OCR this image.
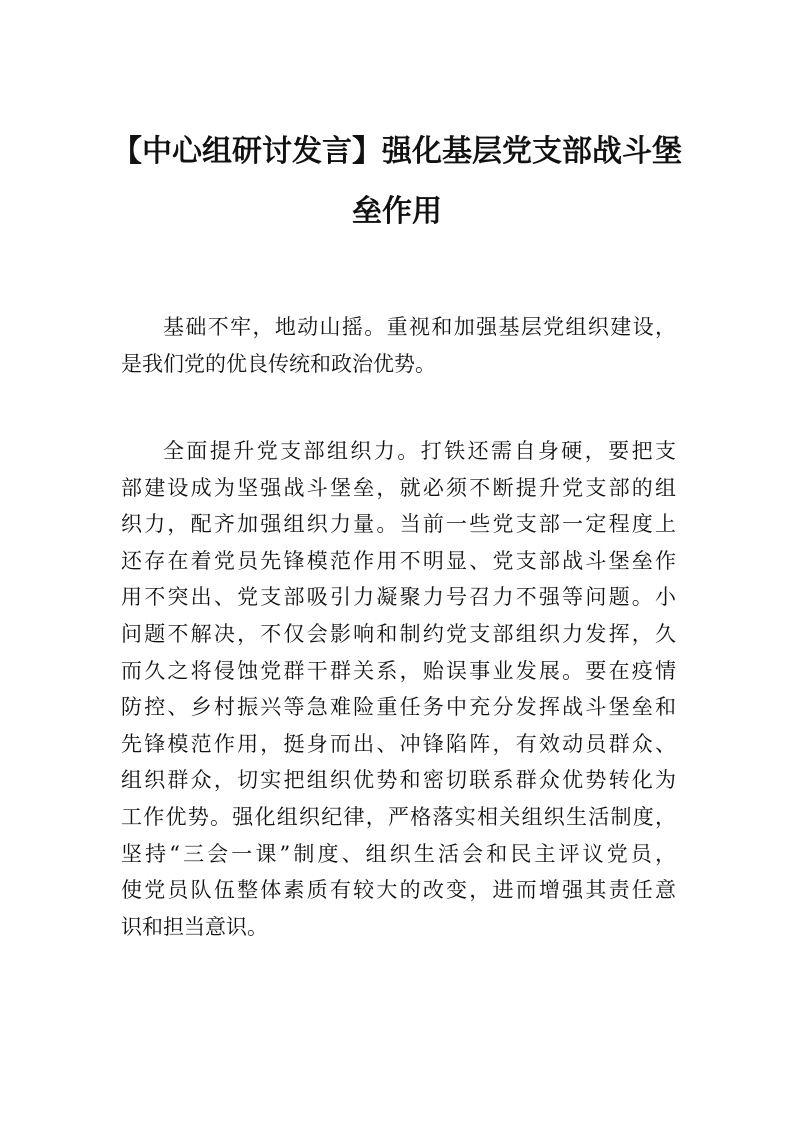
【中心组研讨发言】强化基层党支部战斗堡
垒作用
基础不牢，地动山摇。重视和加强基层党组织建设，
是我们党的优良传统和政治优势。
全面提升党支部组织力。打铁还需自身硬，要把支
部建设成为坚强战斗堡垒，就必须不断提升党支部的组
织力，配齐加强组织力量。当前一些党支部一定程度上
还存在着党员先锋模范作用不明显、党支部战斗堡垒作
用不突出、党支部吸引力凝聚力号召力不强等问题。小
问题不解决，不仅会影响和制约党支部组织力发挥，久
而久之将侵蚀党群干群关系，贻误事业发展。要在疫情
防控、乡村振兴等急难险重任务中充分发挥战斗堡垒和
先锋模范作用，挺身而出、冲锋陷阵，有效动员群众、
组织群众，切实把组织优势和密切联系群众优势转化为
工作优势。强化组织纪律，严格落实相关组织生活制度，
坚持“三会一课”制度、组织生活会和民主评议党员，
使党员队伍整体素质有较大的改变，进而增强其责任意
识和担当意识。
